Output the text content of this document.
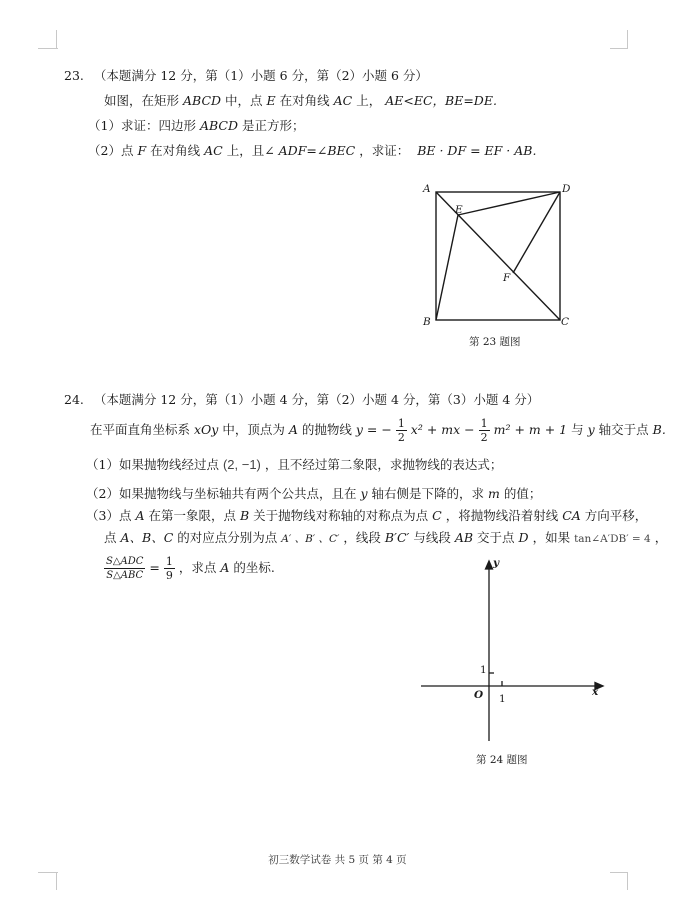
23. （本题满分 12 分，第（1）小题 6 分，第（2）小题 6 分）
如图，在矩形 ABCD 中，点 E 在对角线 AC 上， AE<EC，BE=DE.
（1）求证：四边形 ABCD 是正方形；
（2）点 F 在对角线 AC 上，且∠ ADF=∠BEC ，求证： BE · DF = EF · AB.
A	D
E
F
B	C
第 23 题图
24. （本题满分 12 分，第（1）小题 4 分，第（2）小题 4 分，第（3）小题 4 分）
在平面直角坐标系 xOy 中，顶点为 A 的抛物线 y = − $\frac{1}{2} x^2$ + mx − $\frac{1}{2} m^2 + m + 1$ 与 y 轴交于点 B.
（1）如果抛物线经过点 (2, −1) ，且不经过第二象限，求抛物线的表达式；
（2）如果抛物线与坐标轴共有两个公共点，且在 y 轴右侧是下降的，求 m 的值；
（3）点 A 在第一象限，点 B 关于抛物线对称轴的对称点为点 C ，将抛物线沿着射线 CA 方向平移，
点 A、B、C 的对应点分别为点 A′ 、B′ 、C′ ，线段 B′C′ 与线段 AB 交于点 D ，如果 tan∠A′DB′ = 4 ，
$\frac{\text{S△ADC}}{\text{S△ABC}} = \frac{1}{9}$ ，求点 A 的坐标.	y
x
O
1
1
第 24 题图
初三数学试卷 共 5 页 第 4 页
